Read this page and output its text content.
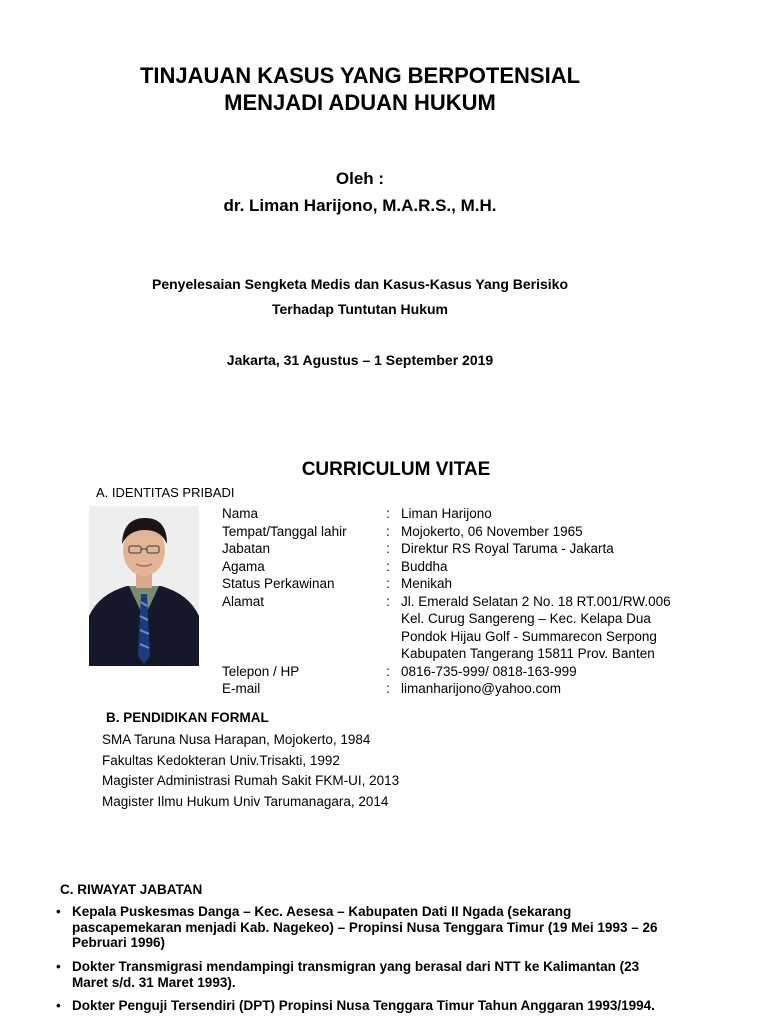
TINJAUAN KASUS YANG BERPOTENSIAL
MENJADI ADUAN HUKUM
Oleh :
dr. Liman Harijono, M.A.R.S., M.H.
Penyelesaian Sengketa Medis dan Kasus-Kasus Yang Berisiko
Terhadap Tuntutan Hukum
Jakarta, 31 Agustus – 1 September 2019
CURRICULUM VITAE
A. IDENTITAS PRIBADI
Nama	: Liman Harijono
Tempat/Tanggal lahir	: Mojokerto, 06 November 1965
Jabatan	: Direktur RS Royal Taruma - Jakarta
Agama	: Buddha
Status Perkawinan	: Menikah
Alamat	: Jl. Emerald Selatan 2 No. 18 RT.001/RW.006
Kel. Curug Sangereng – Kec. Kelapa Dua
Pondok Hijau Golf - Summarecon Serpong
Kabupaten Tangerang 15811 Prov. Banten
Telepon / HP	: 0816-735-999/ 0818-163-999
E-mail	: limanharijono@yahoo.com
B. PENDIDIKAN FORMAL
SMA Taruna Nusa Harapan, Mojokerto, 1984
Fakultas Kedokteran Univ.Trisakti, 1992
Magister Administrasi Rumah Sakit FKM-UI, 2013
Magister Ilmu Hukum Univ Tarumanagara, 2014
C. RIWAYAT JABATAN
• Kepala Puskesmas Danga – Kec. Aesesa – Kabupaten Dati II Ngada (sekarang
pascapemekaran menjadi Kab. Nagekeo) – Propinsi Nusa Tenggara Timur (19 Mei 1993 – 26
Pebruari 1996)
• Dokter Transmigrasi mendampingi transmigran yang berasal dari NTT ke Kalimantan (23
Maret s/d. 31 Maret 1993).
• Dokter Penguji Tersendiri (DPT) Propinsi Nusa Tenggara Timur Tahun Anggaran 1993/1994.
